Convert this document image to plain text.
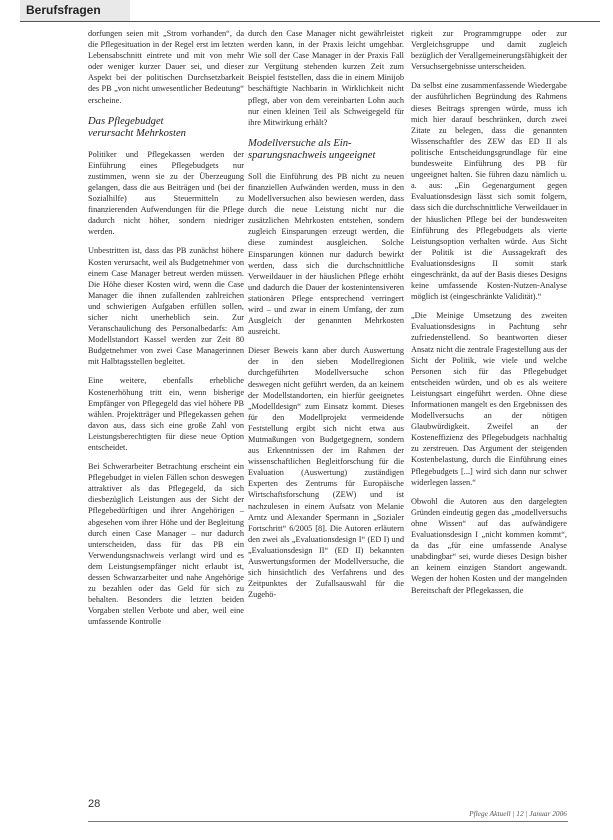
Berufsfragen

dorfungen seien mit „Strom vorhanden“, da die Pflegesituation in der Regel erst im letzten Lebensabschnitt eintrete und mit von mehr oder weniger kurzer Dauer sei, und dieser Aspekt bei der politischen Durchsetzbarkeit des PB „von nicht unwesentlicher Bedeutung“ erscheine.

Das Pflegebudget
verursacht Mehrkosten

Politiker und Pflegekassen werden der Einführung eines Pflegebudgets nur zustimmen, wenn sie zu der Überzeugung gelangen, dass die aus Beiträgen und (bei der Sozialhilfe) aus Steuermitteln zu finanzierenden Aufwendungen für die Pflege dadurch nicht höher, sondern niedriger werden.

Unbestritten ist, dass das PB zunächst höhere Kosten verursacht, weil als Budgetnehmer von einem Case Manager betreut werden müssen. Die Höhe dieser Kosten wird, wenn die Case Manager die ihnen zufallenden zahlreichen und schwierigen Aufgaben erfüllen sollen, sicher nicht unerheblich sein. Zur Veranschaulichung des Personalbedarfs: Am Modellstandort Kassel werden zur Zeit 80 Budgetnehmer von zwei Case Managerinnen mit Halbtagsstellen begleitet.

Eine weitere, ebenfalls erhebliche Kostenerhöhung tritt ein, wenn bisherige Empfänger von Pflegegeld das viel höhere PB wählen. Projektträger und Pflegekassen gehen davon aus, dass sich eine große Zahl von Leistungsberechtigten für diese neue Option entscheidet.

Bei Schwerarbeiter Betrachtung erscheint ein Pflegebudget in vielen Fällen schon deswegen attraktiver als das Pflegegeld, da sich diesbezüglich Leistungen aus der Sicht der Pflegebedürftigen und ihrer Angehörigen – abgesehen vom ihrer Höhe und der Begleitung durch einen Case Manager – nur dadurch unterscheiden, dass für das PB ein Verwendungsnachweis verlangt wird und es dem Leistungsempfänger nicht erlaubt ist, dessen Schwarzarbeiter und nahe Angehörige zu bezahlen oder das Geld für sich zu behalten. Besonders die letzten beiden Vorgaben stellen Verbote und aber, weil eine umfassende Kontrolle

durch den Case Manager nicht gewährleistet werden kann, in der Praxis leicht umgehbar. Wie soll der Case Manager in der Praxis Fall zur Vergütung stehenden kurzen Zeit zum Beispiel feststellen, dass die in einem Minijob beschäftigte Nachbarin in Wirklichkeit nicht pflegt, aber von dem vereinbarten Lohn auch nur einen kleinen Teil als Schweigegeld für ihre Mitwirkung erhält?

Modellversuche als Ein-
sparungsnachweis ungeeignet

Soll die Einführung des PB nicht zu neuen finanziellen Aufwänden werden, muss in den Modellversuchen also bewiesen werden, dass durch die neue Leistung nicht nur die zusätzlichen Mehrkosten entstehen, sondern zugleich Einsparungen erzeugt werden, die diese zumindest ausgleichen. Solche Einsparungen können nur dadurch bewirkt werden, dass sich die durchschnittliche Verweildauer in der häuslichen Pflege erhöht und dadurch die Dauer der kostenintensiveren stationären Pflege entsprechend verringert wird – und zwar in einem Umfang, der zum Ausgleich der genannten Mehrkosten ausreicht.

Dieser Beweis kann aber durch Auswertung der in den sieben Modellregionen durchgeführten Modellversuche schon deswegen nicht geführt werden, da an keinem der Modellstandorten, ein hierfür geeignetes „Modelldesign“ zum Einsatz kommt. Dieses für den Modellprojekt vermeidende Feststellung ergibt sich nicht etwa aus Mutmaßungen von Budgetgegnern, sondern aus Erkenntnissen der im Rahmen der wissenschaftlichen Begleitforschung für die Evaluation (Auswertung) zuständigen Experten des Zentrums für Europäische Wirtschaftsforschung (ZEW) und ist nachzulesen in einem Aufsatz von Melanie Arntz und Alexander Spermann in „Sozialer Fortschritt“ 6/2005 [8]. Die Autoren erläutern den zwei als „Evaluationsdesign I“ (ED I) und „Evaluationsdesign II“ (ED II) bekannten Auswertungsformen der Modellversuche, die sich hinsichtlich des Verfahrens und des Zeitpunktes der Zufallsauswahl für die Zugehö-

rigkeit zur Programmgruppe oder zur Vergleichsgruppe und damit zugleich bezüglich der Verallgemeinerungsfähigkeit der Versuchsergebnisse unterscheiden.

Da selbst eine zusammenfassende Wiedergabe der ausführlichen Begründung des Rahmens dieses Beitrags sprengen würde, muss ich mich hier darauf beschränken, durch zwei Zitate zu belegen, dass die genannten Wissenschaftler des ZEW das ED II als politische Entscheidungsgrundlage für eine bundesweite Einführung des PB für ungeeignet halten. Sie führen dazu nämlich u. a. aus: „Ein Gegenargument gegen Evaluationsdesign lässt sich somit folgern, dass sich die durchschnittliche Verweildauer in der häuslichen Pflege bei der bundesweiten Einführung des Pflegebudgets als vierte Leistungsoption verhalten würde. Aus Sicht der Politik ist die Aussagekraft des Evaluationsdesigns II somit stark eingeschränkt, da auf der Basis dieses Designs keine umfassende Kosten-Nutzen-Analyse möglich ist (eingeschränkte Validität).“

„Die Meinige Umsetzung des zweiten Evaluationsdesigns in Pachtung sehr zufriedenstellend. So beantworten dieser Ansatz nicht die zentrale Fragestellung aus der Sicht der Politik, wie viele und welche Personen sich für das Pflegebudget entscheiden würden, und ob es als weitere Leistungsart eingeführt werden. Ohne diese Informationen mangelt es den Ergebnissen des Modellversuchs an der nötigen Glaubwürdigkeit. Zweifel an der Kosteneffizienz des Pflegebudgets nachhaltig zu zerstreuen. Das Argument der steigenden Kostenbelastung, durch die Einführung eines Pflegebudgets [...] wird sich dann nur schwer widerlegen lassen.“

Obwohl die Autoren aus den dargelegten Gründen eindeutig gegen das „modellversuchs ohne Wissen“ auf das aufwändigere Evaluationsdesign I „nicht kommen kommt“, da das „für eine umfassende Analyse unabdingbar“ sei, wurde dieses Design bisher an keinem einzigen Standort angewandt. Wegen der hohen Kosten und der mangelnden Bereitschaft der Pflegekassen, die

28
Pflege Aktuell | 12 | Januar 2006
